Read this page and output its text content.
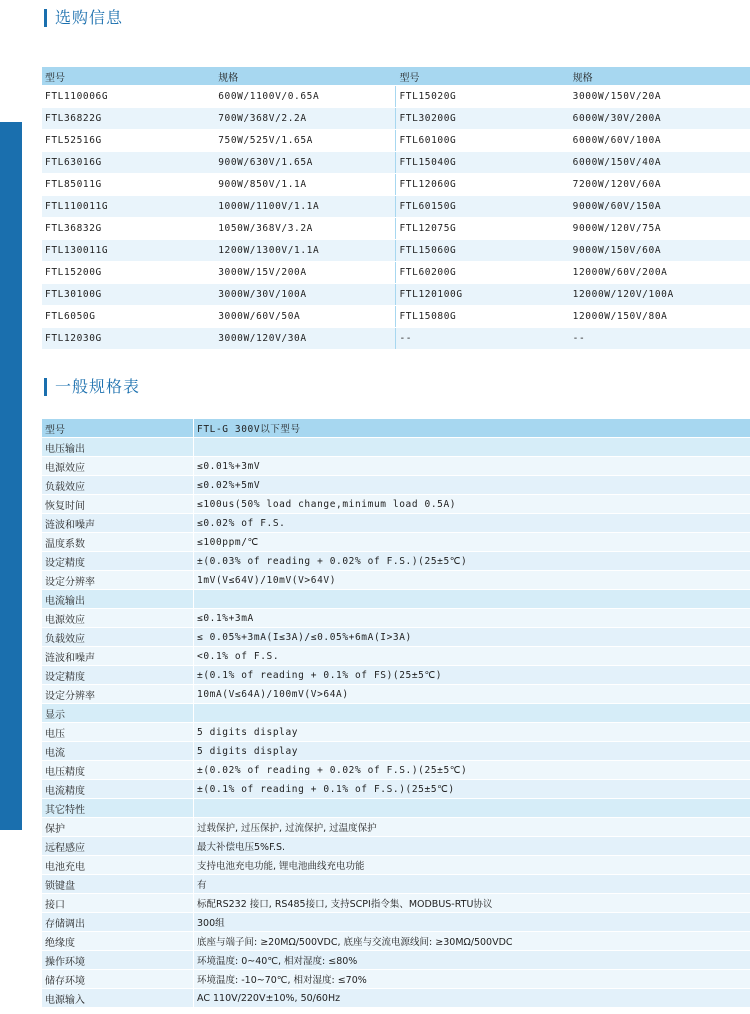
选购信息
型号	规格	型号	规格
FTL110006G	600W/1100V/0.65A	FTL15020G	3000W/150V/20A
FTL36822G	700W/368V/2.2A	FTL30200G	6000W/30V/200A
FTL52516G	750W/525V/1.65A	FTL60100G	6000W/60V/100A
FTL63016G	900W/630V/1.65A	FTL15040G	6000W/150V/40A
FTL85011G	900W/850V/1.1A	FTL12060G	7200W/120V/60A
FTL110011G	1000W/1100V/1.1A	FTL60150G	9000W/60V/150A
FTL36832G	1050W/368V/3.2A	FTL12075G	9000W/120V/75A
FTL130011G	1200W/1300V/1.1A	FTL15060G	9000W/150V/60A
FTL15200G	3000W/15V/200A	FTL60200G	12000W/60V/200A
FTL30100G	3000W/30V/100A	FTL120100G	12000W/120V/100A
FTL6050G	3000W/60V/50A	FTL15080G	12000W/150V/80A
FTL12030G	3000W/120V/30A	--	--
一般规格表
型号	FTL-G 300V以下型号
电压输出	
电源效应	≤0.01%+3mV
负载效应	≤0.02%+5mV
恢复时间	≤100us(50% load change,minimum load 0.5A)
涟波和噪声	≤0.02% of F.S.
温度系数	≤100ppm/℃
设定精度	±(0.03% of reading + 0.02% of F.S.)(25±5℃)
设定分辨率	1mV(V≤64V)/10mV(V>64V)
电流输出	
电源效应	≤0.1%+3mA
负载效应	≤ 0.05%+3mA(I≤3A)/≤0.05%+6mA(I>3A)
涟波和噪声	<0.1% of F.S.
设定精度	±(0.1% of reading + 0.1% of FS)(25±5℃)
设定分辨率	10mA(V≤64A)/100mV(V>64A)
显示	
电压	5 digits display
电流	5 digits display
电压精度	±(0.02% of reading + 0.02% of F.S.)(25±5℃)
电流精度	±(0.1% of reading + 0.1% of F.S.)(25±5℃)
其它特性	
保护	过载保护, 过压保护, 过流保护, 过温度保护
远程感应	最大补偿电压5%F.S.
电池充电	支持电池充电功能, 锂电池曲线充电功能
锁键盘	有
接口	标配RS232 接口, RS485接口, 支持SCPI指令集、MODBUS-RTU协议
存储调出	300组
绝缘度	底座与端子间: ≥20MΩ/500VDC, 底座与交流电源线间: ≥30MΩ/500VDC
操作环境	环境温度: 0~40℃, 相对湿度: ≤80%
储存环境	环境温度: -10~70℃, 相对湿度: ≤70%
电源输入	AC 110V/220V±10%, 50/60Hz
